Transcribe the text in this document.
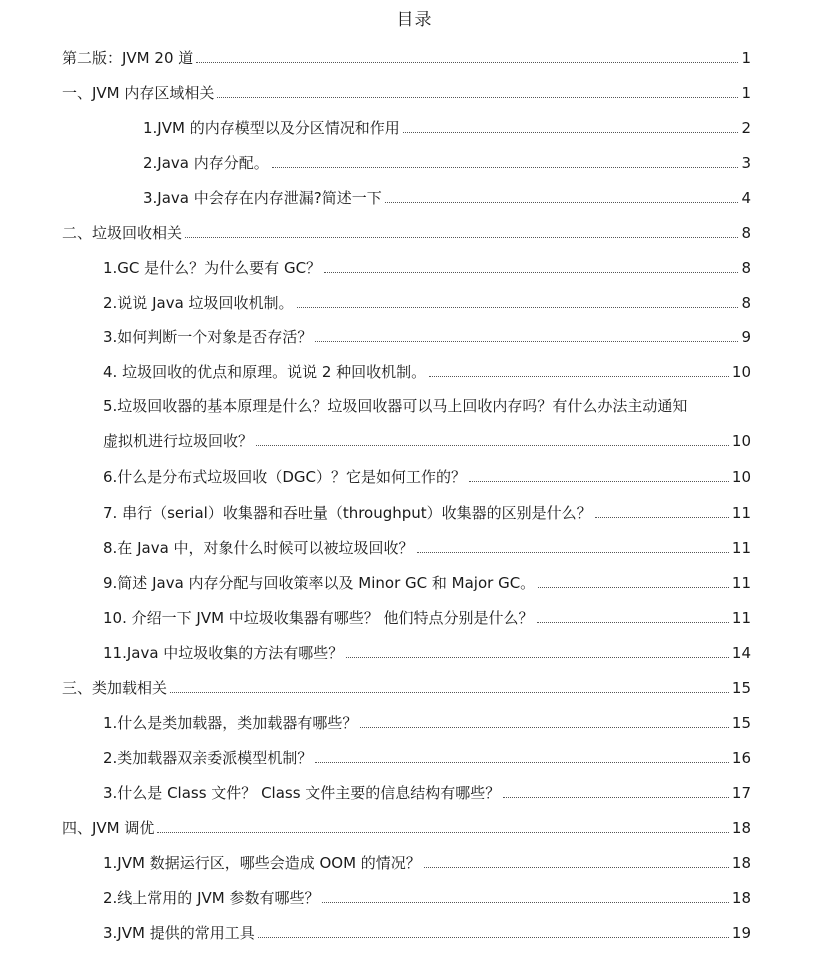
目录
第二版：JVM 20 道	1
一、JVM 内存区域相关	1
1.JVM 的内存模型以及分区情况和作用	2
2.Java 内存分配。	3
3.Java 中会存在内存泄漏?简述一下	4
二、垃圾回收相关	8
1.GC 是什么？为什么要有 GC？	8
2.说说 Java 垃圾回收机制。	8
3.如何判断一个对象是否存活？	9
4. 垃圾回收的优点和原理。说说 2 种回收机制。	10
5.垃圾回收器的基本原理是什么？垃圾回收器可以马上回收内存吗？有什么办法主动通知
虚拟机进行垃圾回收？	10
6.什么是分布式垃圾回收（DGC）？它是如何工作的？	10
7. 串行（serial）收集器和吞吐量（throughput）收集器的区别是什么？	11
8.在 Java 中，对象什么时候可以被垃圾回收？	11
9.简述 Java 内存分配与回收策率以及 Minor GC 和 Major GC。	11
10. 介绍一下 JVM 中垃圾收集器有哪些？ 他们特点分别是什么？	11
11.Java 中垃圾收集的方法有哪些？	14
三、类加载相关	15
1.什么是类加载器，类加载器有哪些？	15
2.类加载器双亲委派模型机制？	16
3.什么是 Class 文件？ Class 文件主要的信息结构有哪些？	17
四、JVM 调优	18
1.JVM 数据运行区，哪些会造成 OOM 的情况？	18
2.线上常用的 JVM 参数有哪些？	18
3.JVM 提供的常用工具	19
